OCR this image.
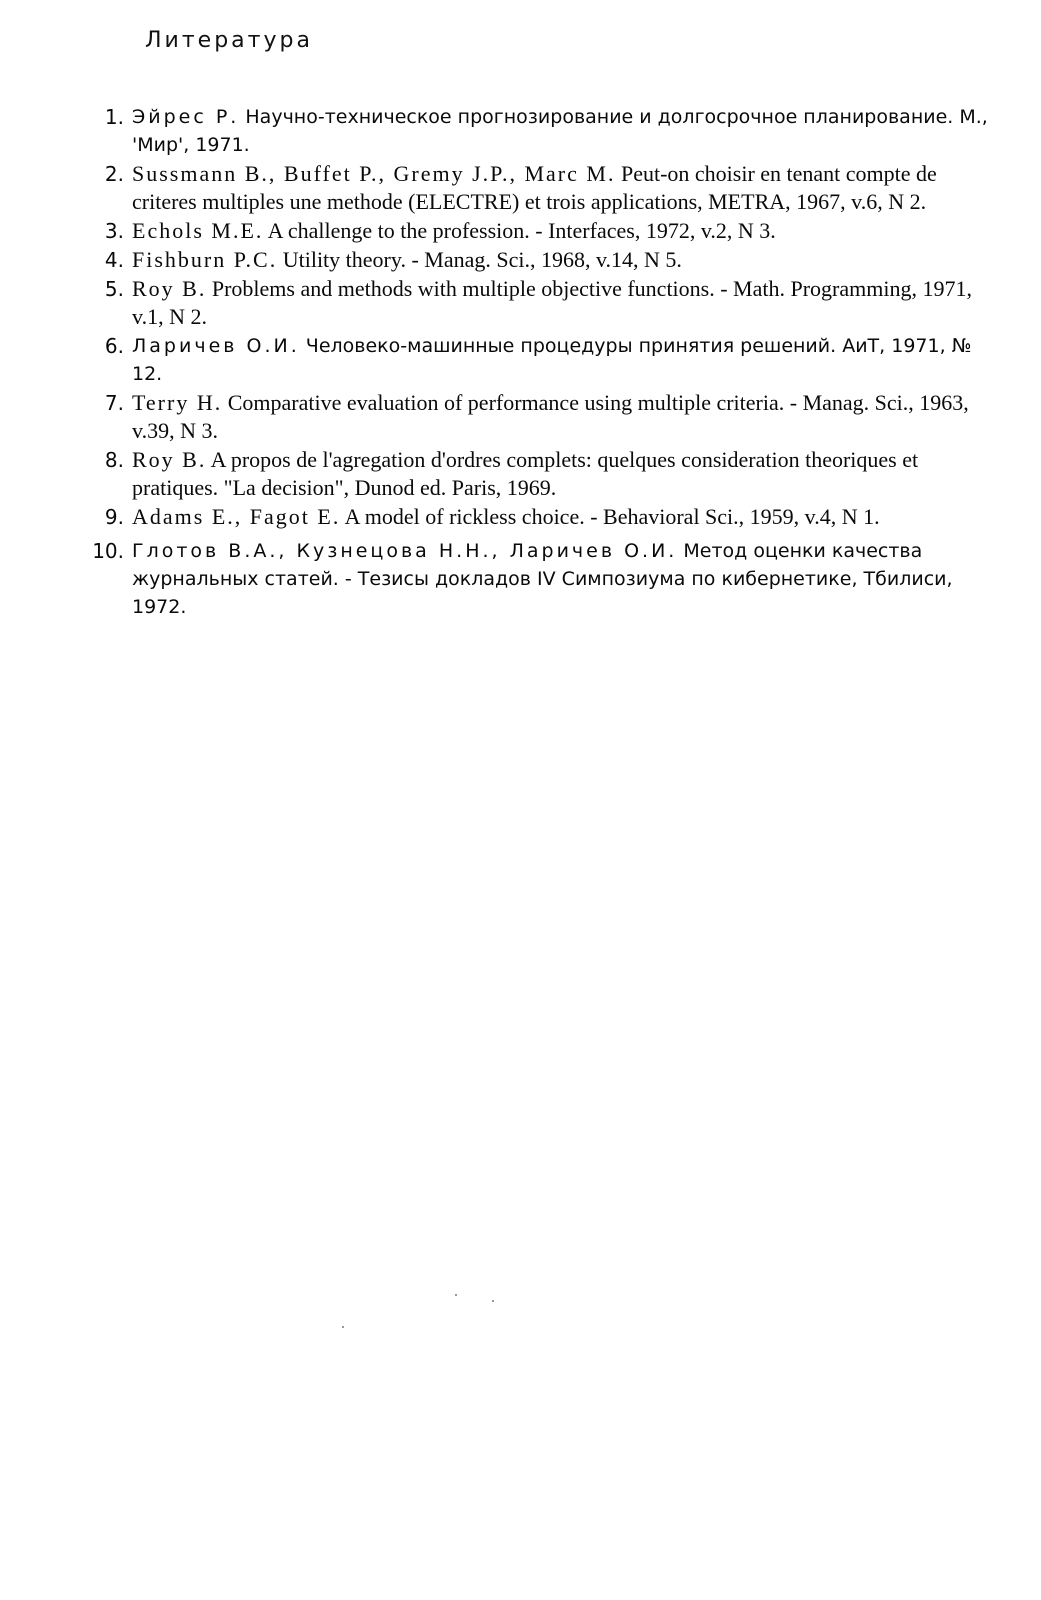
Литература
1. Эйрес Р. Научно-техническое прогнозирование и долгосрочное планирование. М., 'Мир', 1971.
2. Sussmann B., Buffet P., Gremy J.P., Marc M. Peut-on choisir en tenant compte de criteres multiples une methode (ELECTRE) et trois applications, METRA, 1967, v.6, N 2.
3. Echols M.E. A challenge to the profession. - Interfaces, 1972, v.2, N 3.
4. Fishburn P.C. Utility theory. - Manag. Sci., 1968, v.14, N 5.
5. Roy B. Problems and methods with multiple objective functions. - Math. Programming, 1971, v.1, N 2.
6. Ларичев О.И. Человеко-машинные процедуры принятия решений. АиТ, 1971, № 12.
7. Terry H. Comparative evaluation of performance using multiple criteria. - Manag. Sci., 1963, v.39, N 3.
8. Roy B. A propos de l'agregation d'ordres complets: quelques consideration theoriques et pratiques. "La decision", Dunod ed. Paris, 1969.
9. Adams E., Fagot E. A model of rickless choice. - Behavioral Sci., 1959, v.4, N 1.
10. Глотов В.А., Кузнецова Н.Н., Ларичев О.И. Метод оценки качества журнальных статей. - Тезисы докладов IV Симпозиума по кибернетике, Тбилиси, 1972.
